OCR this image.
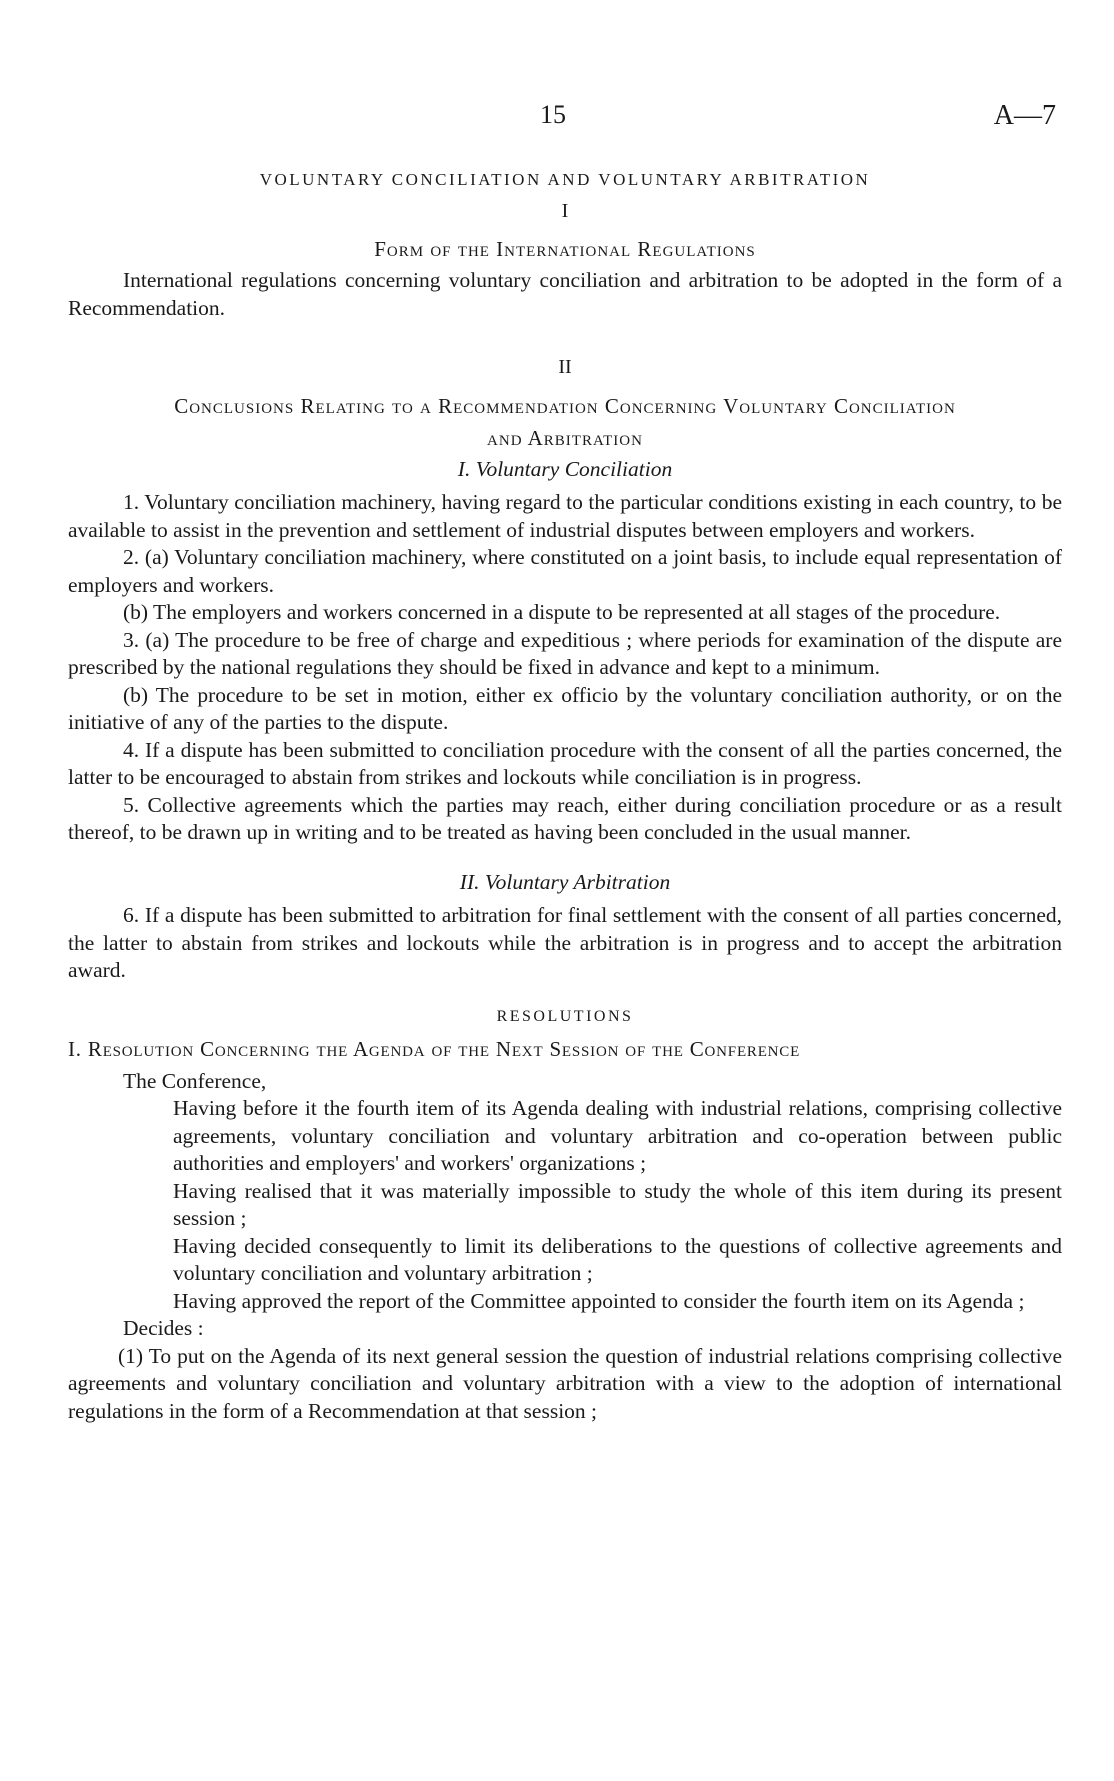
15	A—7
VOLUNTARY CONCILIATION AND VOLUNTARY ARBITRATION
I
Form of the International Regulations

International regulations concerning voluntary conciliation and arbitration to be adopted in the form of a Recommendation.

II
Conclusions Relating to a Recommendation Concerning Voluntary Conciliation
and Arbitration
I. Voluntary Conciliation

1. Voluntary conciliation machinery, having regard to the particular conditions existing in each country, to be available to assist in the prevention and settlement of industrial disputes between employers and workers.

2. (a) Voluntary conciliation machinery, where constituted on a joint basis, to include equal representation of employers and workers.

(b) The employers and workers concerned in a dispute to be represented at all stages of the procedure.

3. (a) The procedure to be free of charge and expeditious ; where periods for examination of the dispute are prescribed by the national regulations they should be fixed in advance and kept to a minimum.

(b) The procedure to be set in motion, either ex officio by the voluntary conciliation authority, or on the initiative of any of the parties to the dispute.

4. If a dispute has been submitted to conciliation procedure with the consent of all the parties concerned, the latter to be encouraged to abstain from strikes and lockouts while conciliation is in progress.

5. Collective agreements which the parties may reach, either during conciliation procedure or as a result thereof, to be drawn up in writing and to be treated as having been concluded in the usual manner.

II. Voluntary Arbitration

6. If a dispute has been submitted to arbitration for final settlement with the consent of all parties concerned, the latter to abstain from strikes and lockouts while the arbitration is in progress and to accept the arbitration award.

RESOLUTIONS
I. Resolution Concerning the Agenda of the Next Session of the Conference

The Conference,

Having before it the fourth item of its Agenda dealing with industrial relations, comprising collective agreements, voluntary conciliation and voluntary arbitration and co-operation between public authorities and employers' and workers' organizations ;

Having realised that it was materially impossible to study the whole of this item during its present session ;

Having decided consequently to limit its deliberations to the questions of collective agreements and voluntary conciliation and voluntary arbitration ;

Having approved the report of the Committee appointed to consider the fourth item on its Agenda ;

Decides :

(1) To put on the Agenda of its next general session the question of industrial relations comprising collective agreements and voluntary conciliation and voluntary arbitration with a view to the adoption of international regulations in the form of a Recommendation at that session ;
